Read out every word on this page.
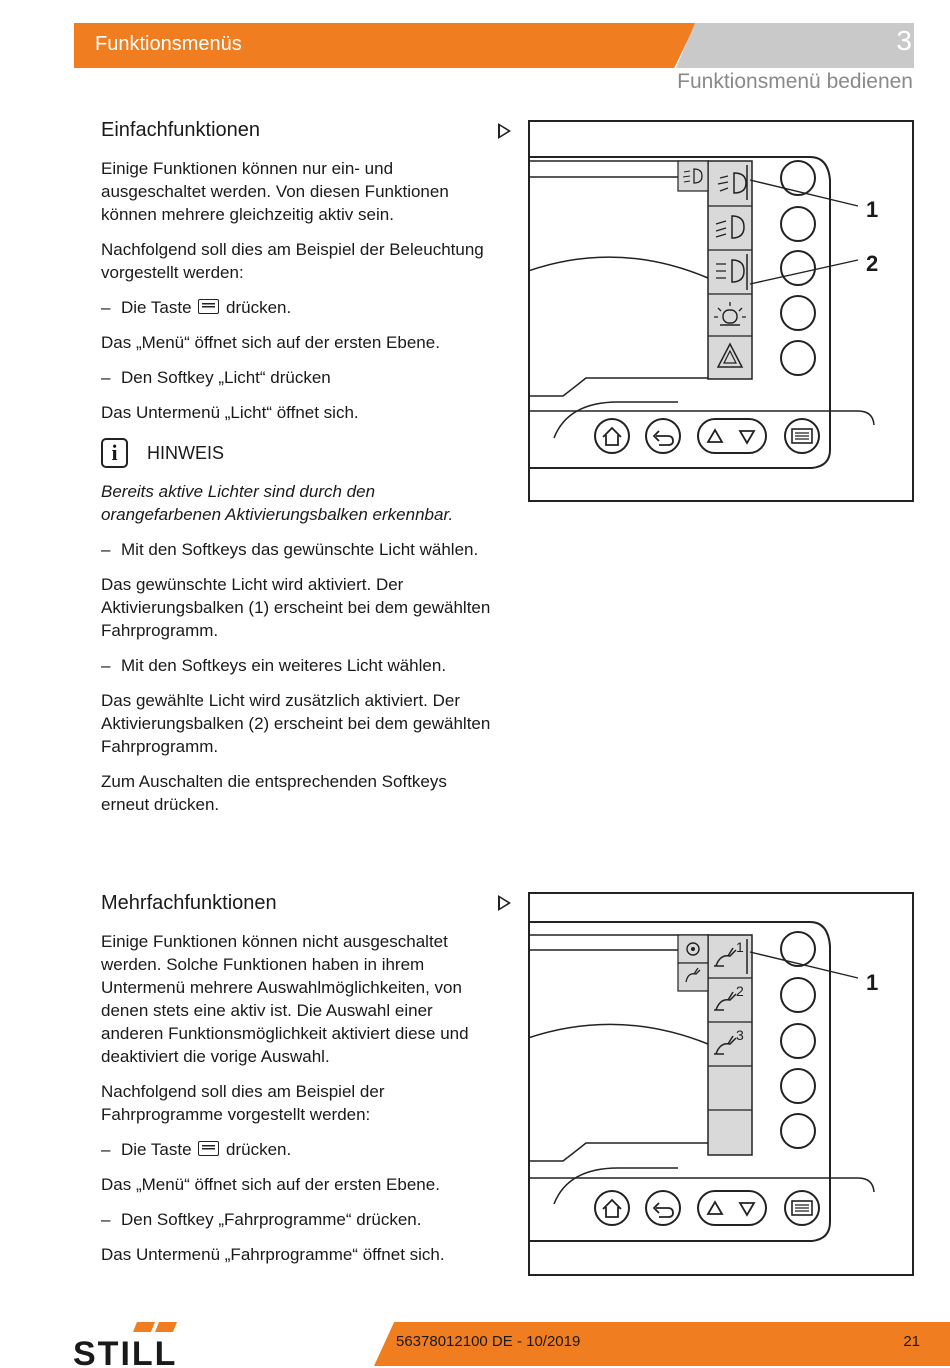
Funktionsmenüs	3
Funktionsmenü bedienen
Einfachfunktionen

Einige Funktionen können nur ein- und ausgeschaltet werden. Von diesen Funktionen können mehrere gleichzeitig aktiv sein.

Nachfolgend soll dies am Beispiel der Beleuchtung vorgestellt werden:

– Die Taste drücken.

Das „Menü“ öffnet sich auf der ersten Ebene.

– Den Softkey „Licht“ drücken

Das Untermenü „Licht“ öffnet sich.

i	HINWEIS

Bereits aktive Lichter sind durch den orangefarbenen Aktivierungsbalken erkennbar.

– Mit den Softkeys das gewünschte Licht wählen.

Das gewünschte Licht wird aktiviert. Der Aktivierungsbalken (1) erscheint bei dem gewählten Fahrprogramm.

– Mit den Softkeys ein weiteres Licht wählen.

Das gewählte Licht wird zusätzlich aktiviert. Der Aktivierungsbalken (2) erscheint bei dem gewählten Fahrprogramm.

Zum Auschalten die entsprechenden Softkeys erneut drücken.

1
2
Mehrfachfunktionen

Einige Funktionen können nicht ausgeschaltet werden. Solche Funktionen haben in ihrem Untermenü mehrere Auswahlmöglichkeiten, von denen stets eine aktiv ist. Die Auswahl einer anderen Funktionsmöglichkeit aktiviert diese und deaktiviert die vorige Auswahl.

Nachfolgend soll dies am Beispiel der Fahrprogramme vorgestellt werden:

– Die Taste drücken.

Das „Menü“ öffnet sich auf der ersten Ebene.

– Den Softkey „Fahrprogramme“ drücken.

Das Untermenü „Fahrprogramme“ öffnet sich.

1
2
3
1
STILL	56378012100 DE - 10/2019	21
